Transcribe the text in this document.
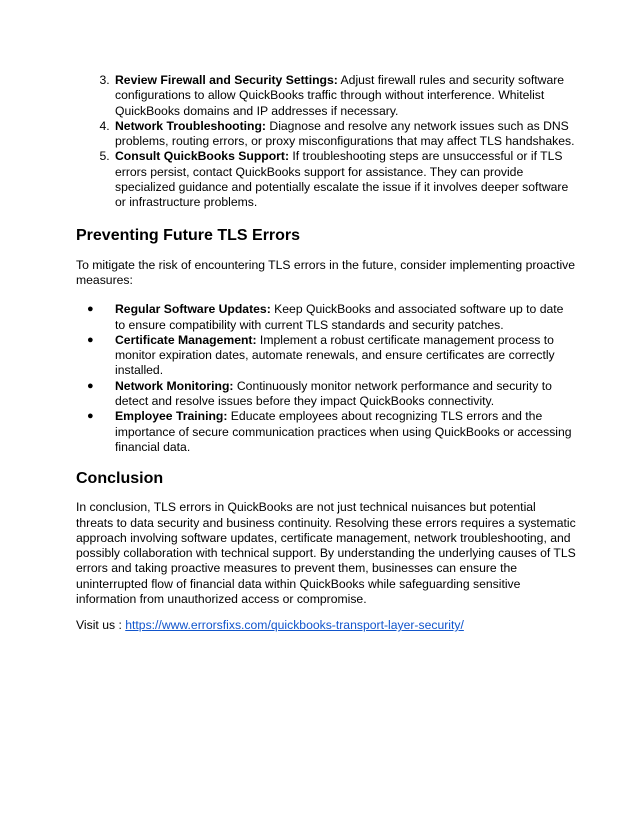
3. Review Firewall and Security Settings: Adjust firewall rules and security software configurations to allow QuickBooks traffic through without interference. Whitelist QuickBooks domains and IP addresses if necessary.
4. Network Troubleshooting: Diagnose and resolve any network issues such as DNS problems, routing errors, or proxy misconfigurations that may affect TLS handshakes.
5. Consult QuickBooks Support: If troubleshooting steps are unsuccessful or if TLS errors persist, contact QuickBooks support for assistance. They can provide specialized guidance and potentially escalate the issue if it involves deeper software or infrastructure problems.
Preventing Future TLS Errors

To mitigate the risk of encountering TLS errors in the future, consider implementing proactive measures:

● Regular Software Updates: Keep QuickBooks and associated software up to date to ensure compatibility with current TLS standards and security patches.
● Certificate Management: Implement a robust certificate management process to monitor expiration dates, automate renewals, and ensure certificates are correctly installed.
● Network Monitoring: Continuously monitor network performance and security to detect and resolve issues before they impact QuickBooks connectivity.
● Employee Training: Educate employees about recognizing TLS errors and the importance of secure communication practices when using QuickBooks or accessing financial data.
Conclusion

In conclusion, TLS errors in QuickBooks are not just technical nuisances but potential threats to data security and business continuity. Resolving these errors requires a systematic approach involving software updates, certificate management, network troubleshooting, and possibly collaboration with technical support. By understanding the underlying causes of TLS errors and taking proactive measures to prevent them, businesses can ensure the uninterrupted flow of financial data within QuickBooks while safeguarding sensitive information from unauthorized access or compromise.

Visit us : https://www.errorsfixs.com/quickbooks-transport-layer-security/
